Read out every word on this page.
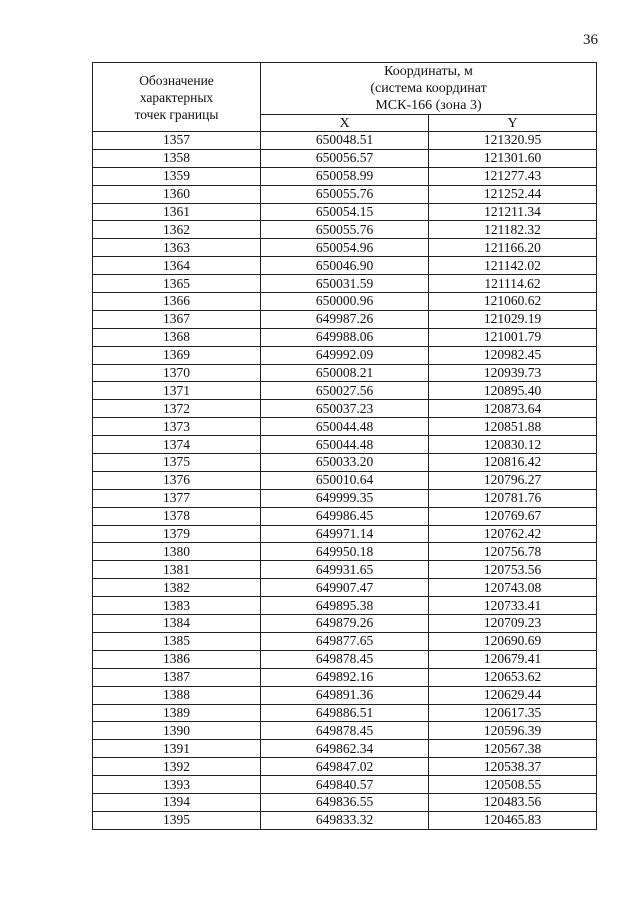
36
Обозначение
характерных
точек границы	Координаты, м
(система координат
МСК-166 (зона 3)	

	X	Y
1357	650048.51	121320.95
1358	650056.57	121301.60
1359	650058.99	121277.43
1360	650055.76	121252.44
1361	650054.15	121211.34
1362	650055.76	121182.32
1363	650054.96	121166.20
1364	650046.90	121142.02
1365	650031.59	121114.62
1366	650000.96	121060.62
1367	649987.26	121029.19
1368	649988.06	121001.79
1369	649992.09	120982.45
1370	650008.21	120939.73
1371	650027.56	120895.40
1372	650037.23	120873.64
1373	650044.48	120851.88
1374	650044.48	120830.12
1375	650033.20	120816.42
1376	650010.64	120796.27
1377	649999.35	120781.76
1378	649986.45	120769.67
1379	649971.14	120762.42
1380	649950.18	120756.78
1381	649931.65	120753.56
1382	649907.47	120743.08
1383	649895.38	120733.41
1384	649879.26	120709.23
1385	649877.65	120690.69
1386	649878.45	120679.41
1387	649892.16	120653.62
1388	649891.36	120629.44
1389	649886.51	120617.35
1390	649878.45	120596.39
1391	649862.34	120567.38
1392	649847.02	120538.37
1393	649840.57	120508.55
1394	649836.55	120483.56
1395	649833.32	120465.83
